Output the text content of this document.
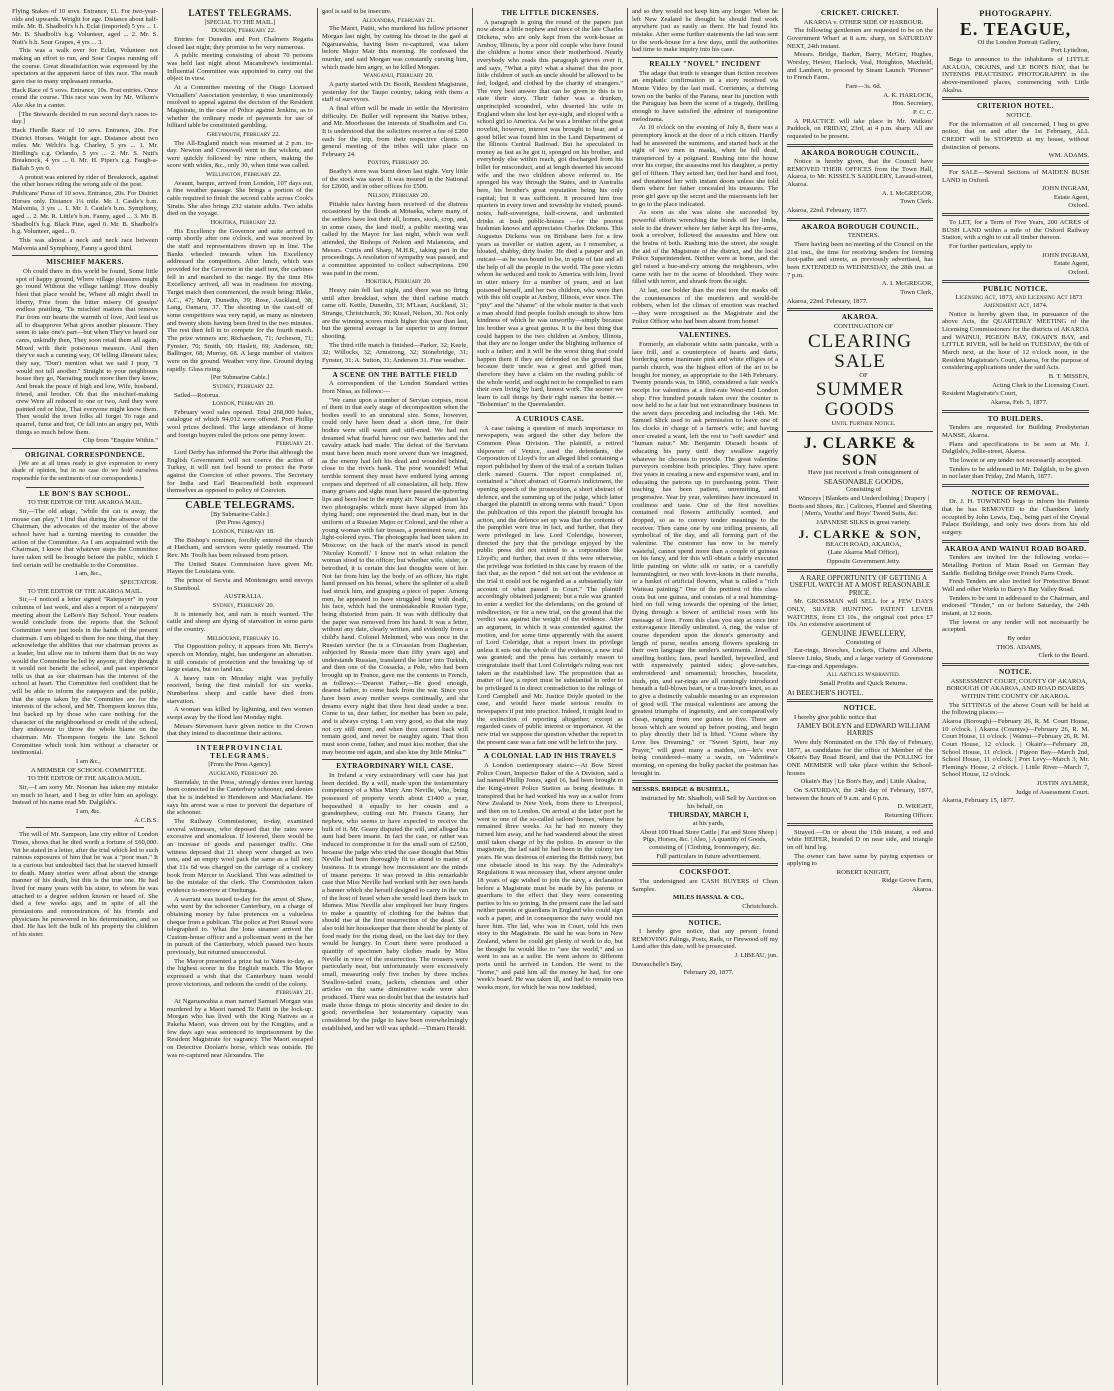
Flying Stakes of 10 sovs. Entrance, £1. For two-year-olds and upwards. Weight for age. Distance about half-mile. Mr. B. Shadbolt's b.h. Eclat (imported) 5 yrs ... 1. Mr. B. Shadbolt's b.g. Volunteer, aged ... 2. Mr. S. Nutt's b.h. Sour Grapes, 4 yrs ... 3.

This was a walk over for Eclat, Volunteer not making an effort to run, and Sour Grapes running off the course. Great dissatisfaction was expressed by the spectators at the apparent farce of this race. The result gave rise to many unpleasant remarks.

Hack Race of 5 sovs. Entrance, 10s. Post entries. Once round the course. This race was won by Mr. Wilson's Ake Ake in a canter.

[The Stewards decided to run second day's races to-day.]

Hack Hurdle Race of 10 sovs. Entrance, 20s. For District Horses. Weight for age. Distance about two miles. Mr. Welch's b.g. Charley, 5 yrs ... 1. Mr. Birdling's c.g. Orlando, 5 yrs ... 2. Mr. S. Nutt's Breaknock, 4 yrs ... 0. Mr. H. Piper's c.g. Faugh-a-Ballah 5 yrs 0.

A protest was entered by rider of Breaknock, against the other horses riding the wrong side of the post.

Publicans' Purse of 10 sovs. Entrance, 20s. For District Horses only. Distance 1¼ mile. Mr. J. Castle's b.m. Malvenia, 3 yrs ... 1. Mr. J. Castle's b.m. Symphony, aged ... 2. Mr. R. Little's b.m. Fanny, aged ... 3. Mr. B. Shadbolt's b.g. Black Pine, aged 0. Mr. B. Shadbolt's b.g. Volunteer, aged... 0.

This was almost a neck and neck race between Malvenia and Symphony, Fanny a good third.

MISCHIEF MAKERS.

Oh could there in this world be found, Some little spot of happy ground, Where village pleasures might go round Without the village tattling! How doubly blest that place would be, Where all might dwell in liberty, Free from the bitter misery Of gossips' endless prattling. 'Tis mischief matters that remove Far from our hearts the warmth of love, And lead us all to disapprove What gives another pleasure. They seem to take one's part—but when They've heard our cares, unkindly then, They soon retail them all again, Mixed with their poisonous measure. And then they've such a cunning way, Of telling illmeant tales; they say, "Don't mention what we said I pray, "I would not tell another." Straight to your neighbours house they go, Narrating much more then they know, And break the peace of high and low, Wife, husband, friend, and brother. Oh that the mischief-making crew Were all reduced to one or two, And they were painted red or blue, That everyone might know them. Then would the town folks all forget To rage and quarrel, fume and fret, Or fall into an angry pet, With things so much below them.

Clip from "Enquire Within."

ORIGINAL CORRESPONDENCE.

[We are at all times ready to give expression to every shade of opinion, but in no case do we hold ourselves responsible for the sentiments of our correspondents.]

LE BON'S BAY SCHOOL.
TO THE EDITOR OF THE AKAROA MAIL.

Sir,—The old adage, "while the cat is away, the mouse can play," I find that during the absence of the Chairman, the advocates of the master of the above school have had a turning meeting to consider the action of the Committee. As I am acquainted with the Chairman, I know that whatever steps the Committee have taken will be brought before the public, which I feel certain will be creditable to the Committee.

I am, &c.,

SPECTATOR.

TO THE EDITOR OF THE AKAROA MAIL.

Sir,—I noticed a letter signed "Ratepayer" in your columns of last week, and also a report of a ratepayers' meeting about the LeBon's Bay School. Your readers would conclude from the reports that the School Committee were just tools in the hands of the present chairman. I am obliged to them for one thing, that they acknowledge the abilities that our chairman proves as a leader, but allow me to inform them that in no way would the Committee be led by anyone, if they thought it would not benefit the school, and past experience tells us that as our chairman has the interest of the school at heart. The Committee feel confident that he will be able to inform the ratepayers and the public, that the steps taken by the Committee are for the interests of the school, and Mr. Thompson knows this, but backed up by those who care nothing for the character of the neighbourhood or credit of the school, they endeavour to throw the whole blame on the chairman. Mr. Thompson forgets the late School Committee which took him without a character or testimonial.

I am &c.,

A MEMBER OF SCHOOL COMMITTEE.

TO THE EDITOR OF THE AKAROA MAIL.

Sir,—I am sorry Mr. Noonan has taken my mistake so much to heart, and I beg to offer him an apology. Instead of his name read Mr. Dalgilsh's.

I am, &c.

A.C.B.S.

The will of Mr. Sampson, late city editor of London Times, shows that he died worth a fortune of £60,000. Yet he stated in a letter, after the trial which led to such ruinous exposures of him that he was a "poor man." It is a curious but undoubted fact that he starved himself to death. Many stories were afloat about the strange manner of his death, but this is the true one. He had lived for many years with his sister, to whom he was attached to a degree seldom known or heard of. She died a few weeks ago, and in spite of all the persuasions and remonstrances of his friends and physicians he persevered in his determination, and so died. He has left the bulk of his property the children of his sister.

LATEST TELEGRAMS.
[SPECIAL TO THE MAIL.]

Dunedin, February 22.

Entries for Dunedin and Port Chalmers Regatta closed last night; they promise to be very numerous.

A public meeting consisting of about 70 persons was held last night about Macandrew's testimonial. Influential Committee was appointed to carry out the object in view.

At a Committee meeting of the Otago Licensed Victuallers' Association yesterday, it was unanimously resolved to appeal against the decision of the Resident Magistrate, in the case of Police against Jenkins, as to whether the ordinary mode of payments for use of billiard table be constituted gambling.

Greymouth, February 22.

The All-England match was resumed at 2 p.m. to-day. Newton and Crosswell went to the wickets, and were quickly followed by nine others, making the score with wides, &c., only 30, when time was called.

Wellington, February 22.

Avaunt, barque, arrived from London, 107 days out, a fine weather passage. She brings a portion of the cable required to finish the second cable across Cook's Straits. She also brings 232 statute adults. Two adults died on the voyage.

Hokitika, February 22.

His Excellency the Governor and suite arrived in camp shortly after one o'clock, and was received by the staff and representatives drawn up in line. The Banks wheeled inwards when his Excellency addressed the competitors. After lunch, which was provided for the Governor in the staff tent, the carbines fell in and marched to the range. By the time His Excellency arrived, all was in readiness for moving. Target match then commenced, the result being: Blake, A.C., 47; Muir, Dunedin, 39; Rose, Auckland, 38; Lang, Oamaru, 37. The shooting in the cast-off of some competitors was very rapid, as many as nineteen and twenty shots having been fired in the two minutes. The rest then fell in to compete for the fourth match. The prize winners are: Richardson, 71; Archeson, 71; Fynster, 70; Smith, 69; Haslett, 69; Anderson, 68; Ballingor, 68; Murray, 68. A large number of visitors were on the ground. Weather very fine. Ground drying rapidly. Glass rising.

[Per Submarine Cable.]

Sydney, February 22.

Sailed—Rotorua.

London, February 20.

February wool sales opened. Total 268,000 bales, catalogue of which 94,012 were offered. Port Phillip wool prices declined. The large attendance of home and foreign buyers ruled the prices one penny lower.

February 21.

Lord Derby has informed the Porte that although the English Government will not coerce the action of Turkey, it will not feel bound to protect the Porte against the Coercion of other powers. The Secretary for India and Earl Beaconsfield both expressed themselves as opposed to policy of Coercion.

CABLE TELEGRAMS.
[By Submarine-Cable.]
(Per Press Agency.)

London, February 18.

The Bishop's nominee, forcibly entered the church at Hatcham, and services were quietly resumed. The Rev. Mr. Toolh has been released from prison.

The United States Commission have given Mr. Hayes the Louisiana vote.

The prince of Servia and Montenegro send envoys to Stamboul.

AUSTRALIA.

Sydney, February 20.

It is intensely hot, and rain is much wanted. The cattle and sheep are dying of starvation in some parts of the country.

Melbourne, February 16.

The Opposition policy, it appears from Mr. Berry's speech on Monday, night, has undergone an alteration. It still consists of protection and the breaking up of large estates, but no land tax.

A heavy rain on Monday night was joyfully received, being the first rainfall for six weeks. Numberless sheep and cattle have died from starvation.

A woman was killed by lightning, and two women swept away by the flood last Monday night.

Messrs Stevenson have given notice to the Crown that they intend to discontinue their actions.

INTERPROVINCIAL TELEGRAMS.
[From the Press Agency].

Auckland, February 20.

Sterndale, in the Press, strongly denies ever having been connected in the Canterbury schooner, and denies that he is indebted to Henderson and Macfarlane. He says his arrest was a ruse to prevent the departure of the schooner.

The Railway Commissioner, to-day, examined several witnesses, who deposed that the rates were excessive and anomalous. If lowered, there would be an increase of goods and passenger traffic. One witness deposed that 21 sheep were charged as two tons, and an empty wool pack the same as a full one; that 11s 6d was charged on the carriage of a cookery book from Mercer to Auckland. This was admitted to be the mistake of the clerk. The Commission taken evidence to-morrow at Onehunga.

A warrant was issued to-day for the arrest of Shaw, who went by the schooner Canterbury, on a charge of obtaining money by false pretences on a valueless cheque from a publican. The police at Port Russel were telegraphed to. What the Iona steamer arrived the Custom-house officer and a policeman went in the her in pursuit of the Canterbury, which passed two hours previously, but returned unsuccessful.

The Mayor presented a prize bat to Yates to-day, as the highest scorer in the English match. The Mayor expressed a wish that the Canterbury team would prove victorious, and redeem the credit of the colony.

February 21.

At Ngaruawahia a man named Samuel Morgan was murdered by a Maori named Te Patiti in the lock-up. Morgan who has lived with the King Natives as a Pakeha Maori, was driven out by the Kingites, and a few days ago was sentenced to imprisonment by the Resident Magistrate for vagrancy. The Maori escaped on Detective Doolan's horse, which was outside. He was re-captured near Alexandra. The

gaol is said to be insecure.

Alexandra, February 21.

The Maori, Patiti, who murdered his fellow prisoner Morgan last night, by cutting his throat in the gaol at Ngaruawahia, having been re-captured, was taken before Major Mair this morning. He confessed the murder, and said Morgan was constantly cursing him, which made him angry, so he killed Morgan.

Wanganui, February 20.

A party started with Dr. Booth, Resident Magistrate, yesterday for the Taupo country, taking with them a staff of surveyors.

A final effort will be made to settle the Moriroiro difficulty. Dr. Buller will represent the Native tribes, and Mr. Moorhouse the interests of Studholm and Co. It is understood that the solicitors receive a fee of £200 each for the trip, from their respective clients. A general meeting of the tribes will take place on February 24.

Foxton, February 20.

Beathy's store was burnt down last night. Very little of the stock was saved. It was insured in the National for £2600, and in other offices for £500.

Nelson, February 20.

Pitiable tales having been received of the distress occasioned by the floods at Motueka, where many of the settlers have lost their all, homes, stock, crop, and, in some cases, the land itself, a public meeting was called by the Mayor for last night, which was well attended, the Bishops of Nelson and Malanesia, and Messrs. Curtis and Sharp, M.H.R., taking part in the proceedings. A resolution of sympathy was passed, and a committee appointed to collect subscriptions. £90 was paid in the room.

Hokitika, February 20.

Heavy rain fell last night, and there was no firing until after breakfast, when the third carbine match came off. Kettle, Dunedin, 33; M'Lean, Auckland, 31; Strange, Christchurch, 30; Kissel, Nelson, 30. Not only are the winning scores much higher this year than last, but the general average is far superior to any former shooting.

The third rifle match is finished—Parker, 32; Keefe, 32; Willocks, 32; Armstrong, 32; Stonebridge, 31; Fynster, 31; A. Sutton, 31; Anderson 31. Fine weather.

A SCENE ON THE BATTLE FIELD

A correspondent of the London Standard writes from Nissa, as follows:—

"We came upon a number of Servian corpses, most of them in that early stage of decomposition when the bodies swell to an unnatural size. Some, however, could only have been dead a short time, for their bodies were still warm and stiff-ened. We had not dreamed what fearful havoc our two batteries and the cavalry attack had made. The defeat of the Servians must have been much more severe than we imagined, as the enemy had left his dead and wounded behind, close to the river's bank. The poor wounded! What terrible torment they must have endured lying among corpses and deprived of all consolation, all help. How many groans and sighs must have passed the quivering lips and been lost in the empty air. Near an adjutant lay two photographs which must have slipped from his dying hand; one represented the dead man, but in the uniform of a Russian Major or Colonel, and the other a young woman with fair tresses, a prominent nose, and light-colored eyes. The photographs had been taken in Moscow; on the back of the man's stood in pencil 'Nicolay Komoff.' I know not in what relation the woman stood to the officer; but whether wife, sister, or betrothed, it is certain this last thoughts were of her. Not far from him lay the body of an officer, his right hand pressed on his breast, where the splinter of a shell had struck him, and grasping a piece of paper. Among men, he appeared to have struggled long with death, his face, which had the unmistakeable Russian type, being distorted from pain. It was with difficulty that the paper was removed from his hand. It was a letter, without any date, clearly written, and evidently from a child's hand. Colonel Melnmed, who was once in the Russian service (he is a Circassian from Daghestan, subjected by Russia more than fifty years ago) and understands Russian, translated the letter into Turkish, and then one of the Cossacks, a Pole, who had been brought up in France, gave me the contents in French, as follows:—'Dearest Father,—Be good enough, dearest father, to come back from the war. Since you have been away mother weeps continually, and she dreams every night that thou liest dead under a tree. Come to us, dear father, for mother has been so pale, and is always crying. I am very good, so that she may not cry still more, and when thou comest back will remain good, and never be naughty again. That thou must soon come, father, and must kiss mother, that she may become red again, and also kiss thy little Minka.'"

EXTRAORDINARY WILL CASE.

In Ireland a very extraordinary will case has just been decided. By a will, made upon the testamentary competency of a Miss Mary Ann Neville, who, being possessed of property worth about £1400 a year, bequeathed it equally to her cousin and a grandnephew, cutting out Mr. Francis Geany, her nephew, who seems to have expected to receive the bulk of it. Mr. Geany disputed the will, and alleged his aunt had been insane. In fact the case, or rather was induced to compromise it for the small sum of £2500, because the judge who tried the case thought that Miss Neville had been thoroughly fit to attend to matter of business. It is strange how inconsistent are the minds of insane persons. It was proved in this remarkable case that Miss Neville had worked with her own hands a banner which she herself designed to carry in the van of the host of Israel when she would lead them back to Idumea. Miss Neville also employed her busy fingers to make a quantity of clothing for the babies that should rise at the first resurrection of the dead. She also told her housekeeper that there should be plenty of food ready for the rising dead, on the last day for they would be hungry. In Court there were produced a quantity of specimen baby clothes made by Miss Neville in view of the resurrection. The trousers were particularly neat, but unfortunately were excessively small, measuring only five inches by three inches Swallow-tailed coats, jackets, chemises and other articles on the same diminutive scale were also produced. There was no doubt but that the testatrix had made those things in pious sincerity and desire to do good; nevertheless her testamentary capacity was considered by the judge to have been overwhelmingly established, and her will was upheld.—Timaru Herald.

THE LITTLE DICKENSES.

A paragraph is going the round of the papers just now about a little nephew and niece of the late Charles Dickens, who are only kept from the work-house at Amboy, Illinois, by a poor old couple who have found the children a home since their motherhood. Nearly everybody who reads this paragraph grieves over it, and says, "What a pity! what a shame! that the poor little children of such an uncle should be allowed to be fed, lodged, and clothed by the charity of strangers." The very best answer that can be given to this is to state their story. Their father was a drunken, unprincipled scoundrel, who deserted his wife in England when she lost her eye-sight, and eloped with a school girl to America. As he was a brother of the great novelist, however, interest was brought to bear, and a good billet was found him in the Land Department of the Illinois Central Railroad. But he speculated in money as fast as he got it, sponged on his brother, and everybody else within reach, got discharged from his billet for misconduct, and at length deserted his second wife and the two children above referred to. He sponged his way through the States, and in Australia here, his brother's great reputation being his only capital; but it was sufficient. It procured him free quarters in every town and township he visited; pound-notes, half-sovereigns, half-crowns, and unlimited drinks at bush public-houses —for the poorest bushman knows and appreciates Charles Dickens. This Augustus Dickens was on Brisbane here for a few years as traveller or station agent, as I remember, a bloated, shabby, dirty loafer. He died a pauper and an outcast—as he was bound to be, in spite of fate and all the help of all the people in the world. The poor victim whom he seduced and took to America with him, lived in utter misery for a number of years, and at last poisoned herself, and her two children, who were then with this old couple at Amboy, Illinois, ever since. The "pity" and the "shame" of the whole matter is that such a man should find people foolish enough to show him kindness of which he was unworthy—simply because his brother was a great genius. It is the best thing that could happen to the two children at Amboy, Illinois, that they are no longer under the blighting influence of such a father; and it will be the worst thing that could happen them if they are defended on the ground that because their uncle was a great and gifted man, therefore they have a claim on the reading public of the whole world, and ought not to be compelled to earn their own living by hard, honest work. The sooner we learn to call things by their right names the better.— "Bohemian" in the Queenslander.

A CURIOUS CASE.

A case raising a question of much importance to newspapers, was argued the other day before the Common Pleas Division. The plaintiff, a retired shipowner of Venice, sued the defendants, the Corporation of Lloyd's for an alleged libel containing a report published by them of the trial of a certain Italian clerk named Guerra. The report complained of, contained a "short abstract of Guerra's indictment, the opening speech of the prosecution, a short abstract of defence, and the summing up of the judge, which latter charged the plaintiff in strong terms with fraud." Upon the publication of this report the plaintiff brought his action, and the defence set up was that the contents of the pamphlet were true in fact, and further, that they were privileged in law. Lord Coleridge, however, directed the jury that the privilege enjoyed by the public press did not extend to a corporation like Lloyd's; and further, that even if this were otherwise, the privilege was forfeited in this case by reason of the fact that, as the report " did not set out the evidence at the trial it could not be regarded as a substantially fair account of what passed in Court." The plaintiff accordingly obtained judgment; but a rule was granted to enter a verdict for the defendants, on the ground of misdirection, or for a new trial, on the ground that the verdict was against the weight of the evidence. After an argument, in which it was contended against the motion, and for some time apparently with the assent of Lord Coleridge, that a report loses its privilege unless it sets out the whole of the evidence, a new trial was granted; and the press has certainly reason to congratulate itself that Lord Coleridge's ruling was not taken as the established law. The proposition that as matter of law, a report must be substantial in order to be privileged is in direct contradiction to the rulings of Lord Campbell and Mr. Justice Doyle quoted in the case, and would have made serious results to newspapers if put into practice. Indeed, it might lead to the extinction of reporting altogether, except as regarded cases of public interest or importance. At the new trial we suppose the question whether the report in the present case was a fair one will be left to the jury.

A COLONIAL LAD IN HIS TRAVELS

A London contemporary states:—At Bow Street Police Court, Inspector Baker of the A Division, said a lad named Phillip Jones, aged 16, had been brought to the King-street Police Station as being destitute. It transpired that he had worked his way as a sailor from New Zealand to New York, from there to Liverpool, and then on to London. On arrival at the latter port he went to one of the so-called sailors' homes, where he remained three weeks. As he had no money they turned him away, and he had wandered about the street until taken charge of by the police. In answer to the magistrate, the lad said he had been in the colony ten years. He was desirous of entering the British navy, but one obstacle stood in his way. By the Admiralty's Regulations it was necessary that, where anyone under 18 years of age wished to join the navy, a declaration before a Magistrate must be made by his parents or guardians to the effect that they were consenting parties to his so joining. In the present case the lad said neither parents or guardians in England who could sign such a paper, and in consequence the navy would not have him. The lad, who was in Court, told his own story to the Magistrate. He said he was born in New Zealand, where he could get plenty of work to do, but he thought he would like to "see the world," and so went to sea as a sailor. He went ashore to different ports until he arrived in London. He went to the "home," and paid him all the money he had, for one week's board. He was taken ill, and had to remain two weeks more, for which he was now indebted,

and so they would not keep him any longer. When he left New Zealand he thought he should find work anywhere just as easily as there. He had found his mistake. After some further statements the lad was sent to the work-house for a few days, until the authorities had time to make inquiry into his case.

REALLY "NOVEL" INCIDENT

The adage that truth is stranger than fiction receives an emphatic confirmation in a story received via Monte Video by the last mail. Corrientes, a thriving town on the banks of the Parana, near its junction with the Paraguay has been the scene of a tragedy, thrilling enough to have satisfied the admirer of transpontine melodrama.

At 10 o'clock on the evening of July 8, there was a peremptory knock at the door of a rich citizen. Hardly had he answered the summons, and started back at the sight of two men in masks, when he fell dead, transpierced by a poignard. Rushing into the house over his corpse, the assassins met his daughter, a pretty girl of fifteen. They seized her, tied her hand and foot, and threatened her with instant doom unless she told them where her father concealed his treasures. The poor girl gave up the secret and the miscreants left her to go to the place indicated.

As soon as she was alone she succeeded by powerful efforts wrenching the bonds off her limbs, stole to the drawer where her father kept his fire-arms, took a revolver, followed the assassins and blew out the brains of both. Rushing into the street, she sought the aid of the Magistrate of the district, and the local Police Superintendent. Neither were at home, and the girl raised a hue-and-cry among the neighbours, who came with her to the scene of bloodshed. They were filled with terror, and shrank from the sight.

At last, one bolder than the rest tore the masks off the countenances of the murderers and would-be robbers, when lo! the climax of emotion was reached —they were recognised as the Magistrate and the Police Officer who had been absent from home!

VALENTINES.

Formerly, an elaborate white satin pancake, with a lace frill, and a counterpiece of hearts and darts, bordering some inanimate pink and white effigies of a parish church, was the highest effort of the art to be bought for money, as appropriate to the 14th February. Twenty pounds was, in 1860, considered a fair week's receipt for valentines at a first-rate West-end London shop. Five hundred pounds taken over the counter is now held to be a fair but not extraordinary business in the seven days preceding and including the 14th. Mr. Samuel Slick used to ask permission to leave one of his clocks in charge of a farmer's wife; and having once created a want, left the rest to "soft sawder" and "human natur." Mr. Benjamin Disraeli boasts of educating his party until they swallow eagerly whatever he chooses to provide. The great valentine purveyors combine both principles. They have spent five years in creating a new and expensive want, and in educating the patrons up to purchasing point. Their teaching has been patient, unremitting, and progressive. Year by year, valentines have increased in costliness and taste. One of the first novelties contained real flowers artificially scented, and dropped, so as to convey tender meanings to the receiver. Then came one by one trifling presents, all symbolical of the day, and all forming part of the valentine. The customer has now to be merely wasteful, cannot spend more than a couple of guineas on his fancy, and for this will obtain a fairly executed little painting on white silk or satin, or a carefully hummingbird, or two with love-knots in their mouths, or a basket of artificial flowers, what is called a "rich Watteau painting." One of the prettiest of this class costs but one guinea, and consists of a real humming-bird on full wing towards the opening of the letter, flying through a bower of artificial roses with his message of love. From this class you step at once into extravagance literally unlimited. A ring, the value of course dependent upon the donor's generosity and length of purse, nestles among flowers speaking in their own language the sender's sentiments. Jewelled smelling bottles; fans, pearl handled, bejewelled, and with expensively painted sides; glove-satches, embroidered and ornamental; brooches, bracelets, studs, pin, and ear-rings are all cunningly introduced beneath a full-blown heart, or a true-lover's knot, so as to give a distinctly valuable meaning to an expression of good will. The musical valentines are among the greatest triumphs of ingenuity, and are comparatively cheap, ranging from one guinea to five. There are boxes which are wound up before posting, and begin to play directly their lid is lifted. "Come where thy Love lies Dreaming," or "Sweet Spirit, hear my Prayer," will greet many a maiden, on—let's ever being considered—many a swain, on Valentine's morning, on opening the bulky packet the postman has brought in.

MESSRS. BRIDGE & BUSHELL,

instructed by Mr. Shadbolt, will Sell by Auction on his behalf, on

THURSDAY, MARCH 1,

at his yards,

About 100 Head Store Cattle | Fat and Store Sheep | Pigs, Horses, &c. | Also, | A quantity of Goods, consisting of | Clothing, Ironmongery, &c.

Full particulars in future advertisement.

COCKSFOOT.

The undersigned are CASH BUYERS of Clean Samples.

MILES HASSAL & CO.,

Christchurch.

NOTICE.

I hereby give notice, that any person found REMOVING Palings, Posts, Rails, or Firewood off my Land after this date, will be prosecuted.

J. LIBEAU, jun.

Duvauchelle's Bay,

February 20, 1877.

CRICKET. CRICKET.

AKAROA v. OTHER SIDE OF HARBOUR.

The following gentlemen are requested to be on the Government Wharf at 8 a.m. sharp, on SATURDAY NEXT, 24th instant.

Messrs. Bridge, Barker, Barry, McGirr, Hughes, Worsley, Hewer, Harlock, Veal, Houghton, Maxfield, and Lambert, to proceed by Steam Launch "Pioneer" to French Farm.

Fare—3s. 6d.

A. K. HARLOCK,

Hon. Secretary,

P. C. C.

A PRACTICE will take place in Mr. Watkins' Paddock, on FRIDAY, 23rd, at 4 p.m. sharp. All are requested to be present.

AKAROA BOROUGH COUNCIL.

Notice is hereby given, that the Council have REMOVED THEIR OFFICES from the Town Hall, Akaroa, to Mr. KISSEL'S SADDLERY, Lavaud-street, Akaroa.

A. I. McGREGOR,

Town Clerk.

Akaroa, 22nd. February, 1877.

AKAROA BOROUGH COUNCIL.

TENDERS.

There having been no meeting of the Council on the 21st inst., the time for receiving tenders for forming foot-paths and streets, as previously advertised, has been EXTENDED to WEDNESDAY, the 28th inst. at 7 p.m.

A. I. McGREGOR,

Town Clerk,

Akaroa, 22nd. February, 1877.

AKAROA.

CONTINUATION OF

CLEARING SALE

OF

SUMMER GOODS

Until Further Notice.

J. CLARKE & SON

Have just received a fresh consignment of

SEASONABLE GOODS,

Consisting of

Winceys | Blankets and Underclothing | Drapery | Boots and Shoes, &c. | Calicoes, Flannel and Sheeting | Men's, Youths' and Boys' Tweed Suits, &c.

JAPANESE SILKS in great variety.

J. CLARKE & SON,

BEACH ROAD, AKAROA,

(Late Akaroa Mail Office),

Opposite Government Jetty.

A RARE OPPORTUNITY OF GETTING A USEFUL WATCH AT A MOST REASONABLE PRICE.

Mr. GROSSMAN will SELL for a FEW DAYS ONLY, SILVER HUNTING PATENT LEVER WATCHES, from £3 10s., the original cost price £7 10s. An extensive assortment of

GENUINE JEWELLERY,

Consisting of

Ear-rings, Brooches, Lockets, Chains and Alberts, Sleeve Links, Studs, and a large variety of Greenstone Ear-rings and Appendages.

All Articles Warranted.

Small Profits and Quick Returns.

At BEECHER'S HOTEL.

NOTICE.

I hereby give public notice that

JAMEY BOLEYN and EDWARD WILLIAM HARRIS

Were duly Nominated on the 17th day of February, 1877, as candidates for the office of Member of the Okain's Bay Road Board, and that the POLLING for ONE MEMBER will take place within the School-houses

Okain's Bay | Le Bon's Bay, and | Little Akaloa,

On SATURDAY, the 24th day of February, 1877, between the hours of 9 a.m. and 6 p.m.

D. WRIGHT,

Returning Officer.

Strayed.—On or about the 15th instant, a red and white HEIFER, branded D on near side, and triangle on off hind leg.

The owner can have same by paying expenses or applying to

ROBERT KNIGHT,

Ridge Grove Farm,

Akaroa.

PHOTOGRAPHY.
E. TEAGUE,

Of the London Portrait Gallery,

Port Lyttelton,

Begs to announce to the inhabitants of LITTLE AKALOA, OKAINS, and LE BON'S BAY, that he INTENDS PRACTISING PHOTOGRAPHY in the above-mentioned places, commencing with Little Akaloa.

CRITERION HOTEL.

NOTICE.

For the information of all concerned, I beg to give notice, that on and after the 1st February, ALL CREDIT will be STOPPED at my house, without distinction of persons.

WM. ADAMS.

For SALE—Several Sections of MAIDEN BUSH LAND in Oxford.

JOHN INGRAM,

Estate Agent,

Oxford.

To LET, for a Term of Five Years, 200 ACRES of BUSH LAND within a mile of the Oxford Railway Station, with a right to cut all timber thereon.

For further particulars, apply to

JOHN INGRAM,

Estate Agent,

Oxford.

PUBLIC NOTICE.

Licensing Act, 1873, and Licensing Act 1873 Amendment Act, 1874.

Notice is hereby given that, in pursuance of the above Acts, the QUARTERLY MEETING of the Licensing Commissioners for the districts of AKAROA and WAINUI, PIGEON BAY, OKAIN'S BAY, and LITTLE RIVER, will be held on TUESDAY, the 6th of March next, at the hour of 12 o'clock noon, in the Resident Magistrate's Court, Akaroa, for the purpose of considering applications under the said Acts.

B. T. MISSEN,

Acting Clerk to the Licensing Court.

Resident Magistrate's Court,

Akaroa, Feb. 5, 1877.

TO BUILDERS.

Tenders are requested for Building Presbyterian MANSE, Akaroa.

Plans and specifications to be seen at Mr. J. Dalgilsh's, Jollie-street, Akaroa.

The lowest or any tender not necessarily accepted.

Tenders to be addressed to Mr. Dalgilsh, to be given in not later than Friday, 2nd March, 1877.

NOTICE OF REMOVAL.

Dr. J. H. TOWNEND begs to inform his Patients that he has REMOVED to the Chambers lately occupied by John Lewis, Esq., being part of the Crystal Palace Buildings, and only two doors from his old surgery.

AKAROA AND WAINUI ROAD BOARD.

Tenders are invited for the following works:— Metalling Portion of Main Road on German Bay Saddle. Building Bridge over French Farm Creek.

Fresh Tenders are also invited for Protective Breast Wall and other Works to Barry's Bay Valley Road.

Tenders to be sent in addressed to the Chairman, and endorsed "Tender," on or before Saturday, the 24th instant, at 12 noon.

The lowest or any tender will not necessarily be accepted.

By order

THOS. ADAMS,

Clerk to the Board.

NOTICE.

ASSESSMENT COURT, COUNTY OF AKAROA, BOROUGH OF AKAROA, AND ROAD BOARDS WITHIN THE COUNTY OF AKAROA.

The SITTINGS of the above Court will be held at the following places:—

Akaroa (Borough)—February 26, R. M. Court House, 10 o'clock. | Akaroa (Countys)—February 26, R. M. Court House, 11 o'clock. | Wainui—February 26, R. M. Court House, 12 o'clock. | Okain's—February 28, School House, 11 o'clock. | Pigeon Bay—March 2nd, School House, 11 o'clock. | Port Levy—March 3, Mr. Fleming's House, 2 o'clock. | Little River—March 7, School House, 12 o'clock.

JUSTIN AYLMER,

Judge of Assessment Court.

Akaroa, February 15, 1877.
